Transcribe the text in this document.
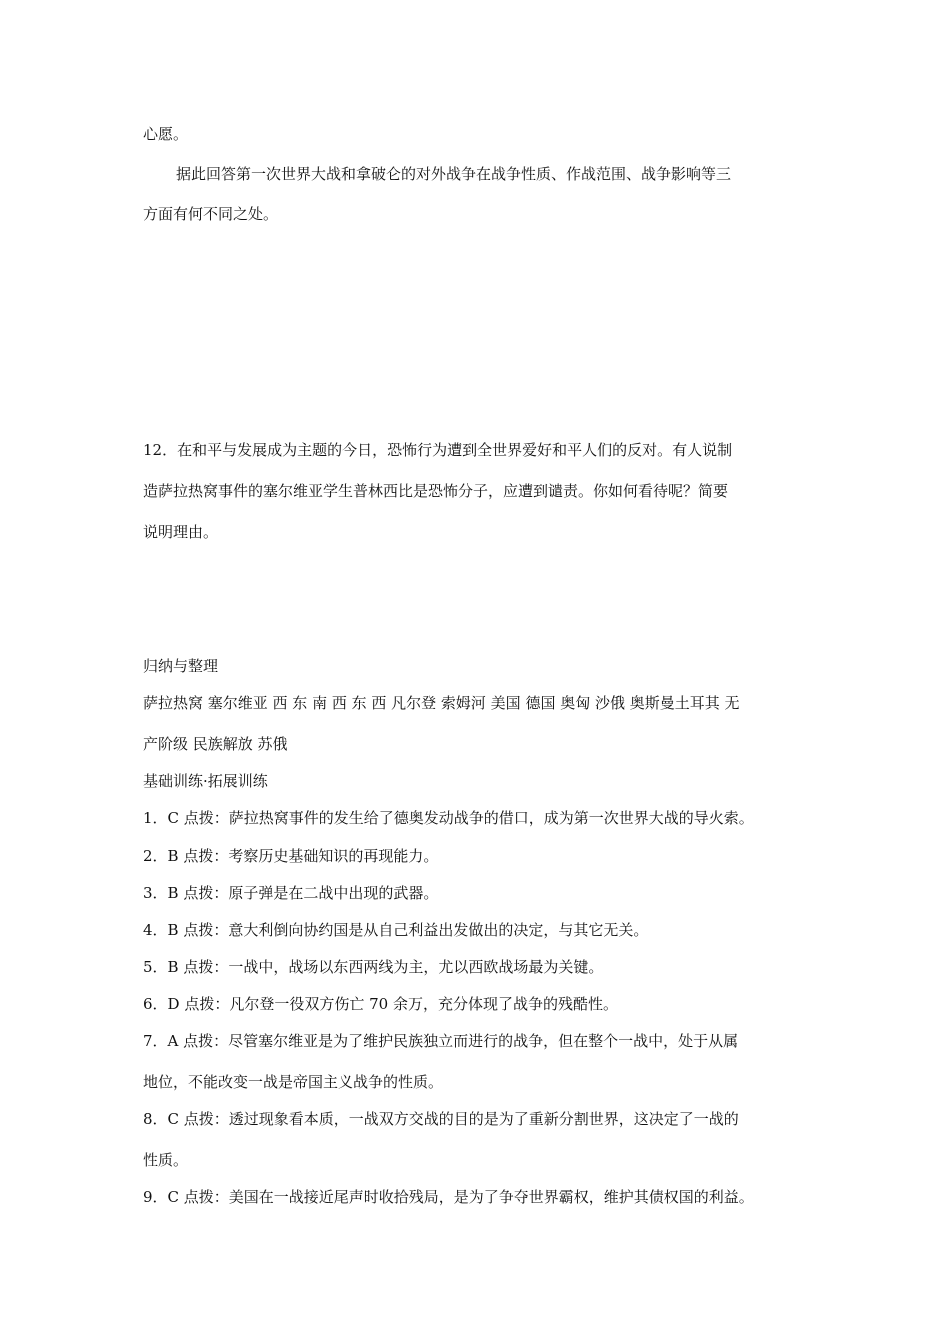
心愿。
据此回答第一次世界大战和拿破仑的对外战争在战争性质、作战范围、战争影响等三
方面有何不同之处。
12．在和平与发展成为主题的今日，恐怖行为遭到全世界爱好和平人们的反对。有人说制
造萨拉热窝事件的塞尔维亚学生普林西比是恐怖分子，应遭到谴责。你如何看待呢？简要
说明理由。
归纳与整理
萨拉热窝 塞尔维亚 西 东 南 西 东 西 凡尔登 索姆河 美国 德国 奥匈 沙俄 奥斯曼土耳其 无
产阶级 民族解放 苏俄
基础训练·拓展训练
1．C 点拨：萨拉热窝事件的发生给了德奥发动战争的借口，成为第一次世界大战的导火索。
2．B 点拨：考察历史基础知识的再现能力。
3．B 点拨：原子弹是在二战中出现的武器。
4．B 点拨：意大利倒向协约国是从自己利益出发做出的决定，与其它无关。
5．B 点拨：一战中，战场以东西两线为主，尤以西欧战场最为关键。
6．D 点拨：凡尔登一役双方伤亡 70 余万，充分体现了战争的残酷性。
7．A 点拨：尽管塞尔维亚是为了维护民族独立而进行的战争，但在整个一战中，处于从属
地位，不能改变一战是帝国主义战争的性质。
8．C 点拨：透过现象看本质，一战双方交战的目的是为了重新分割世界，这决定了一战的
性质。
9．C 点拨：美国在一战接近尾声时收拾残局，是为了争夺世界霸权，维护其债权国的利益。
